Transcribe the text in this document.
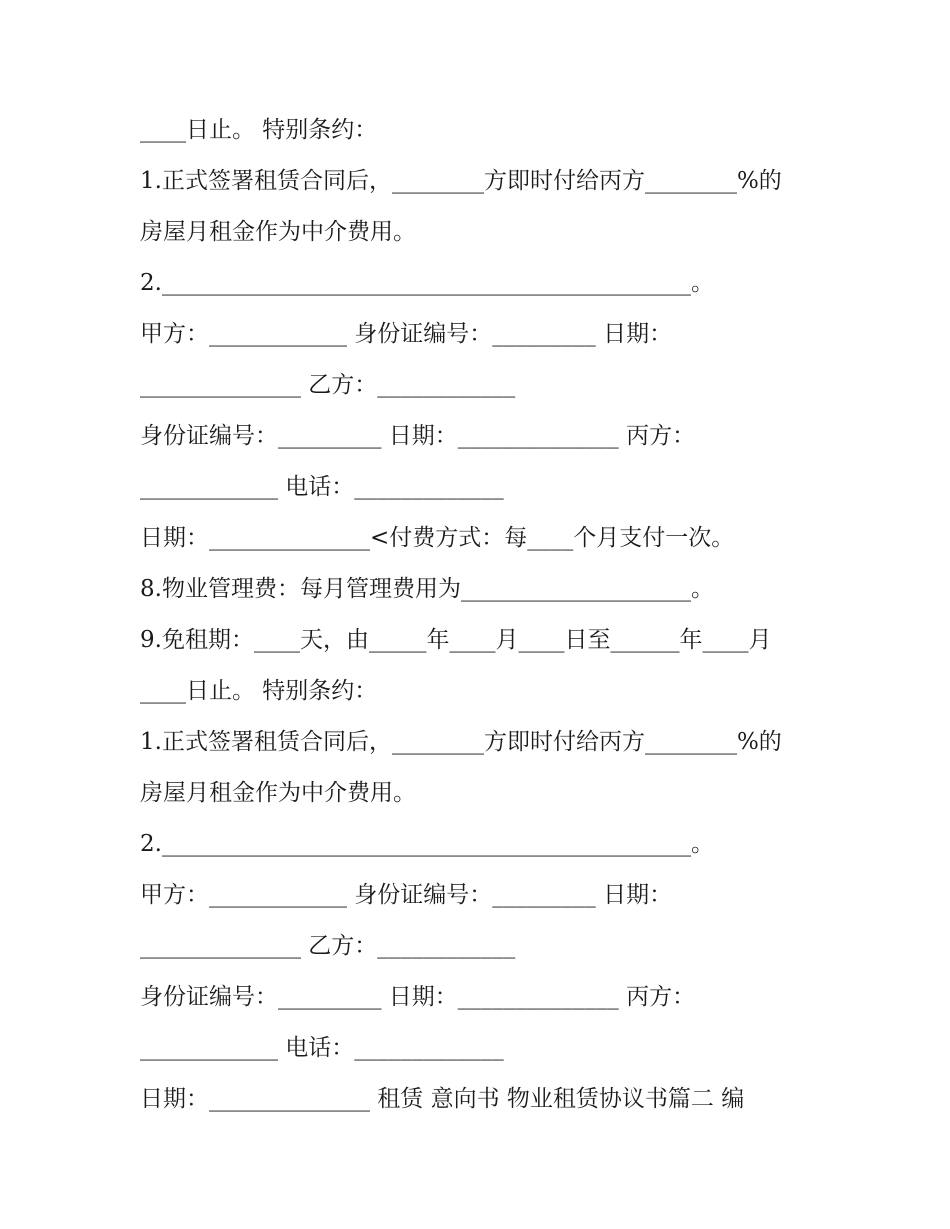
____日止。 特别条约：

1.正式签署租赁合同后，________方即时付给丙方________%的

房屋月租金作为中介费用。

2.______________________________________________。

甲方：____________ 身份证编号：_________ 日期：

______________ 乙方：____________

身份证编号：_________ 日期：______________ 丙方：

____________ 电话：_____________

日期：______________<付费方式：每____个月支付一次。

8.物业管理费：每月管理费用为____________________。

9.免租期：____天，由_____年____月____日至______年____月

____日止。 特别条约：

1.正式签署租赁合同后，________方即时付给丙方________%的

房屋月租金作为中介费用。

2.______________________________________________。

甲方：____________ 身份证编号：_________ 日期：

______________ 乙方：____________

身份证编号：_________ 日期：______________ 丙方：

____________ 电话：_____________

日期：______________ 租赁 意向书 物业租赁协议书篇二 编
